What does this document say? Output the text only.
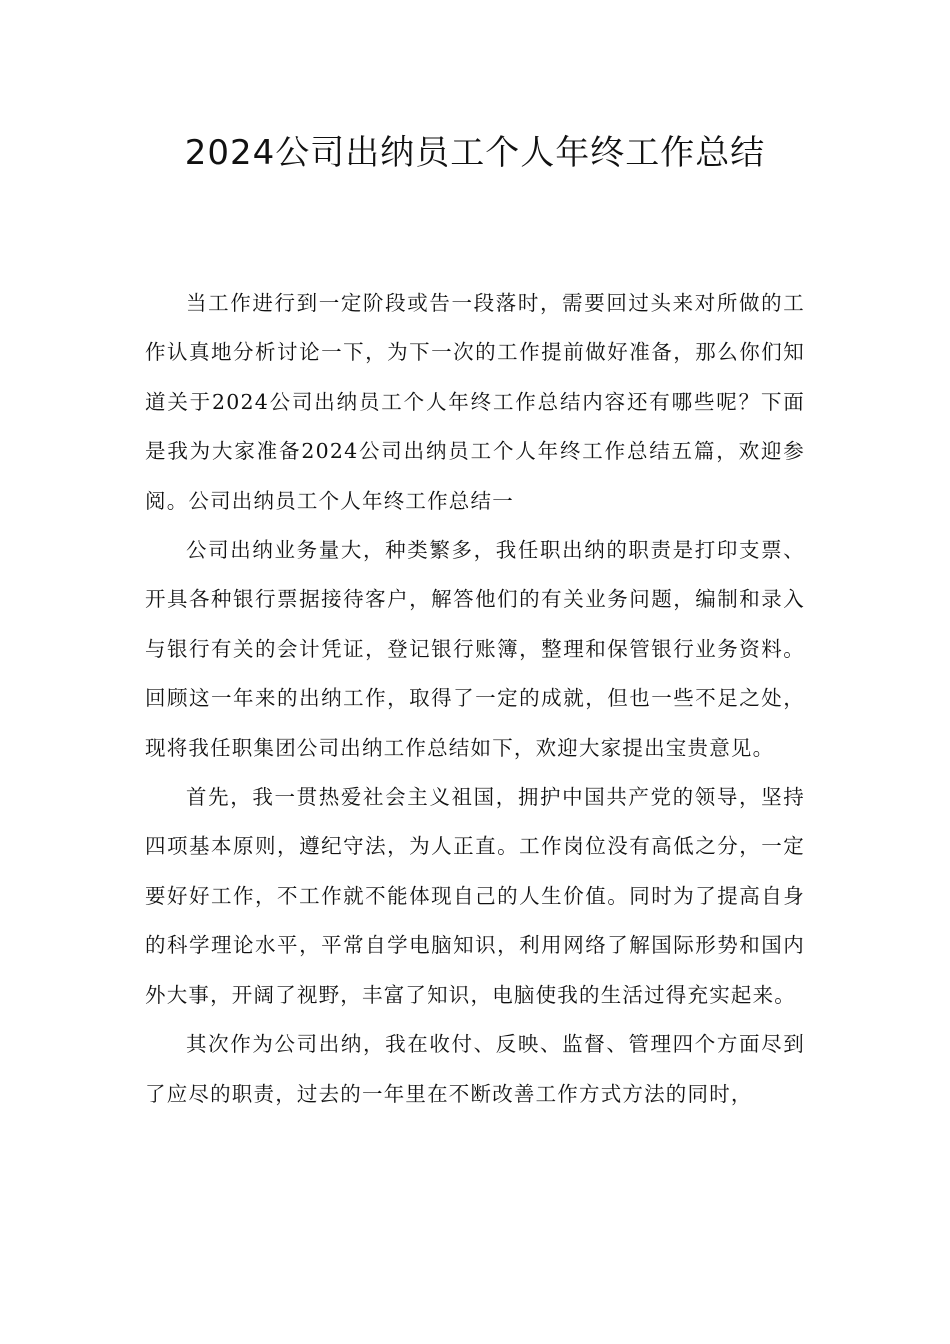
2024公司出纳员工个人年终工作总结

当工作进行到一定阶段或告一段落时，需要回过头来对所做的工作认真地分析讨论一下，为下一次的工作提前做好准备，那么你们知道关于2024公司出纳员工个人年终工作总结内容还有哪些呢？下面是我为大家准备2024公司出纳员工个人年终工作总结五篇，欢迎参阅。公司出纳员工个人年终工作总结一

公司出纳业务量大，种类繁多，我任职出纳的职责是打印支票、开具各种银行票据接待客户，解答他们的有关业务问题，编制和录入与银行有关的会计凭证，登记银行账簿，整理和保管银行业务资料。回顾这一年来的出纳工作，取得了一定的成就，但也一些不足之处，现将我任职集团公司出纳工作总结如下，欢迎大家提出宝贵意见。

首先，我一贯热爱社会主义祖国，拥护中国共产党的领导，坚持四项基本原则，遵纪守法，为人正直。工作岗位没有高低之分，一定要好好工作，不工作就不能体现自己的人生价值。同时为了提高自身的科学理论水平，平常自学电脑知识，利用网络了解国际形势和国内外大事，开阔了视野，丰富了知识，电脑使我的生活过得充实起来。

其次作为公司出纳，我在收付、反映、监督、管理四个方面尽到了应尽的职责，过去的一年里在不断改善工作方式方法的同时，
